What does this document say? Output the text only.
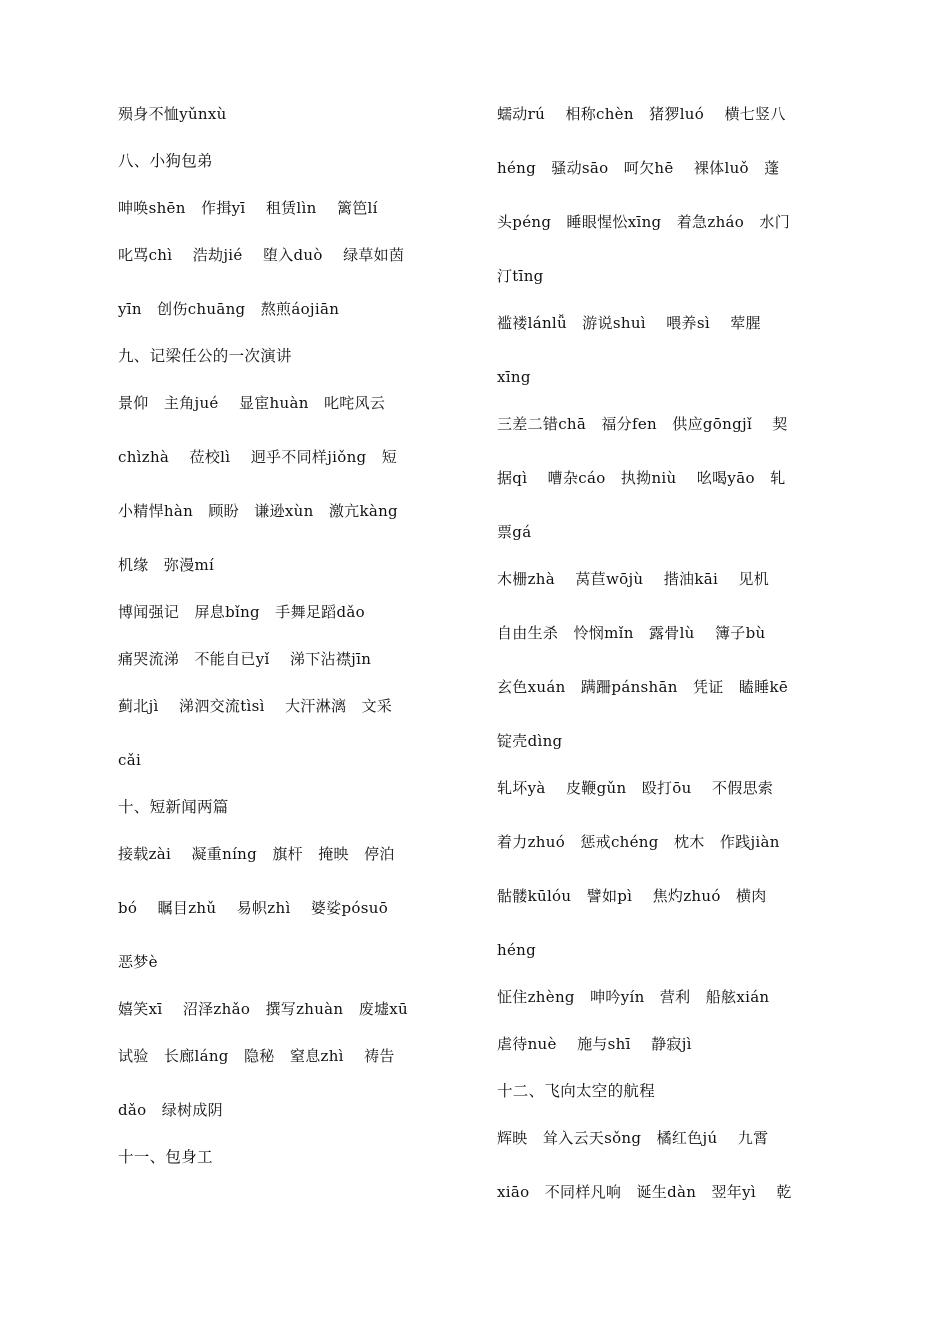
殒身不恤yǔnxù
八、小狗包弟
呻唤shēn　作揖yī　 租赁lìn　 篱笆lí
叱骂chì　 浩劫jié　 堕入duò　 绿草如茵
yīn　创伤chuāng　熬煎áojiān
九、记梁任公的一次演讲
景仰　主角jué　 显宦huàn　叱咤风云
chìzhà　 莅校lì　 迥乎不同样jiǒng　短
小精悍hàn　顾盼　谦逊xùn　激亢kàng
机缘　弥漫mí
博闻强记　屏息bǐng　手舞足蹈dǎo
痛哭流涕　不能自已yǐ　 涕下沾襟jīn
蓟北jì　 涕泗交流tìsì　 大汗淋漓　文采
cǎi
十、短新闻两篇
接载zài　 凝重níng　旗杆　掩映　停泊
bó　 瞩目zhǔ　 易帜zhì　 婆娑pósuō
恶梦è
嬉笑xī　 沼泽zhǎo　撰写zhuàn　废墟xū
试验　长廊láng　隐秘　窒息zhì　 祷告
dǎo　绿树成阴
十一、包身工
蠕动rú　 相称chèn　猪猡luó　 横七竖八
héng　骚动sāo　呵欠hē　 裸体luǒ　蓬
头péng　睡眼惺忪xīng　着急zháo　水门
汀tīng
褴褛lánlǚ　游说shuì　 喂养sì　 荤腥
xīng
三差二错chā　福分fen　供应gōngjǐ　 契
据qì　 嘈杂cáo　执拗niù　 吆喝yāo　轧
票gá
木栅zhà　 莴苣wōjù　 揩油kāi　 见机
自由生杀　怜悯mǐn　露骨lù　 簿子bù
玄色xuán　蹒跚pánshān　凭证　瞌睡kē
锭壳dìng
轧坏yà　 皮鞭gǔn　殴打ōu　 不假思索
着力zhuó　惩戒chéng　枕木　作践jiàn
骷髅kūlóu　譬如pì　 焦灼zhuó　横肉
héng
怔住zhèng　呻吟yín　营利　船舷xián
虐待nuè　 施与shī　 静寂jì
十二、飞向太空的航程
辉映　耸入云天sǒng　橘红色jú　 九霄
xiāo　不同样凡响　诞生dàn　翌年yì　 乾
